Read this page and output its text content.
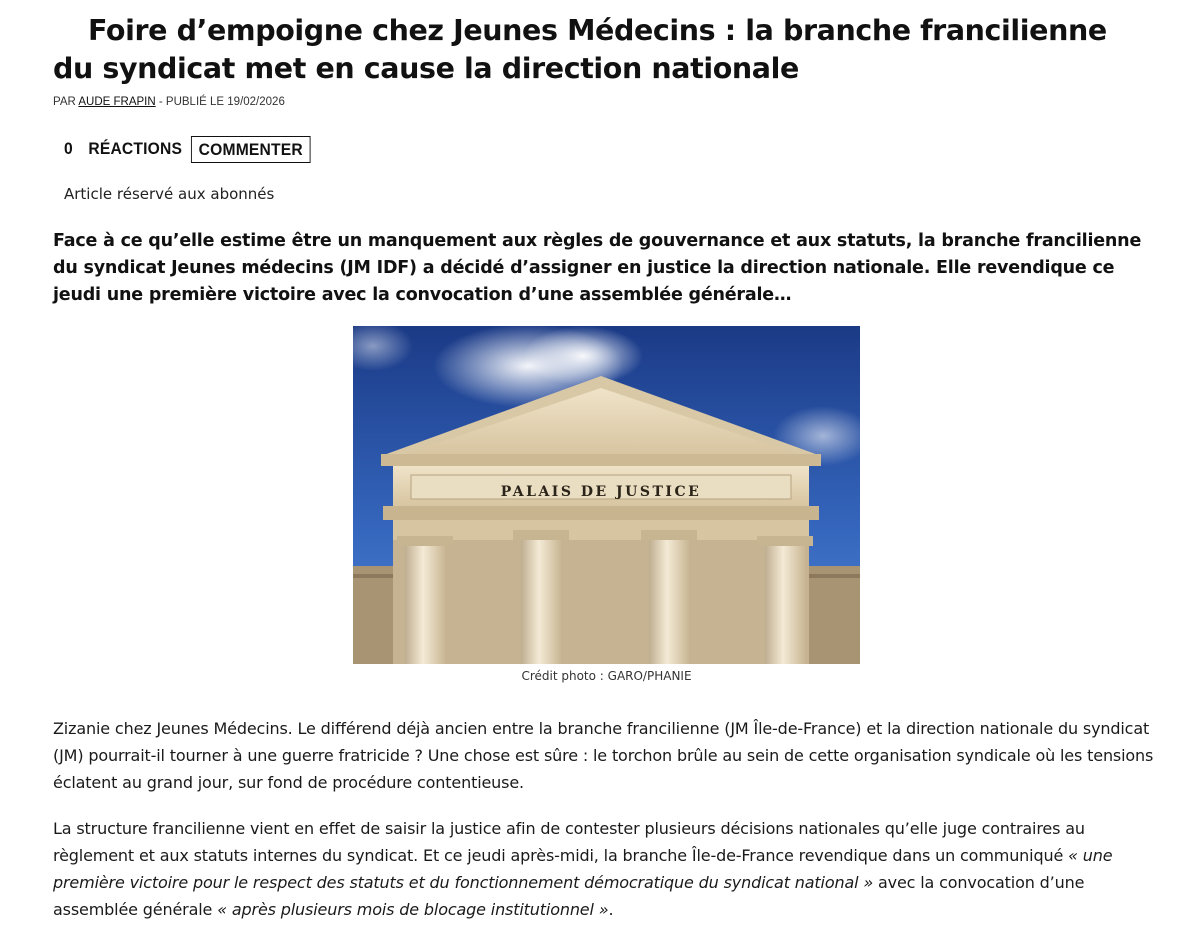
Foire d’empoigne chez Jeunes Médecins : la branche francilienne du syndicat met en cause la direction nationale
PAR AUDE FRAPIN - PUBLIÉ LE 19/02/2026
0 RÉACTIONS COMMENTER
Article réservé aux abonnés

Face à ce qu’elle estime être un manquement aux règles de gouvernance et aux statuts, la branche francilienne du syndicat Jeunes médecins (JM IDF) a décidé d’assigner en justice la direction nationale. Elle revendique ce jeudi une première victoire avec la convocation d’une assemblée générale…

PALAIS DE JUSTICE
Crédit photo : GARO/PHANIE

Zizanie chez Jeunes Médecins. Le différend déjà ancien entre la branche francilienne (JM Île-de-France) et la direction nationale du syndicat (JM) pourrait-il tourner à une guerre fratricide ? Une chose est sûre : le torchon brûle au sein de cette organisation syndicale où les tensions éclatent au grand jour, sur fond de procédure contentieuse.

La structure francilienne vient en effet de saisir la justice afin de contester plusieurs décisions nationales qu’elle juge contraires au règlement et aux statuts internes du syndicat. Et ce jeudi après-midi, la branche Île-de-France revendique dans un communiqué « une première victoire pour le respect des statuts et du fonctionnement démocratique du syndicat national » avec la convocation d’une assemblée générale « après plusieurs mois de blocage institutionnel ».
